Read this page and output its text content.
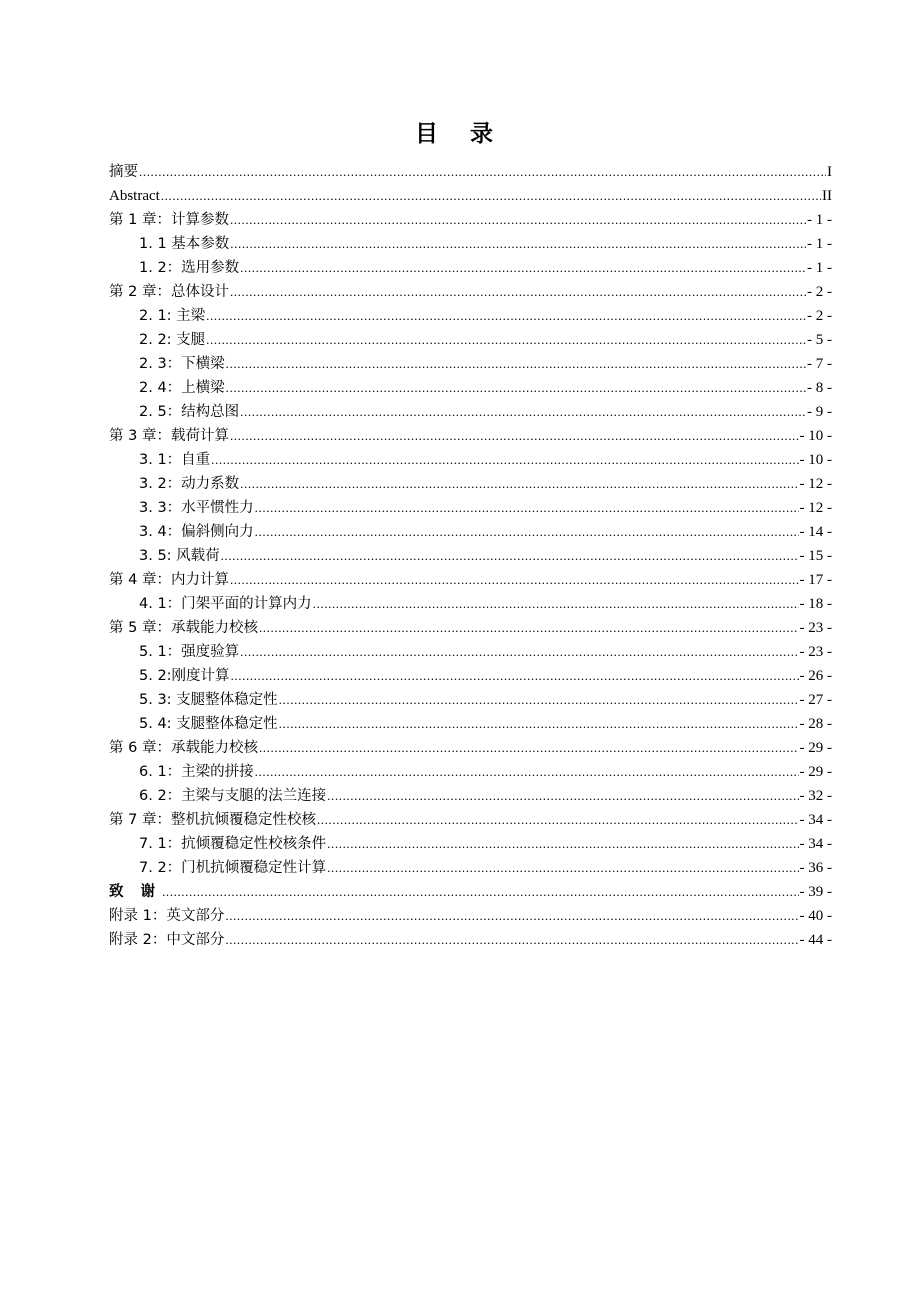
目 录
摘要 .....	I
Abstract .....	II
第 1 章：计算参数 .....	- 1 -
1. 1 基本参数 .....	- 1 -
1. 2：选用参数 .....	- 1 -
第 2 章：总体设计 .....	- 2 -
2. 1: 主梁 .....	- 2 -
2. 2: 支腿 .....	- 5 -
2. 3：下横梁 .....	- 7 -
2. 4：上横梁 .....	- 8 -
2. 5：结构总图 .....	- 9 -
第 3 章：载荷计算 .....	- 10 -
3. 1：自重 .....	- 10 -
3. 2：动力系数 .....	- 12 -
3. 3：水平惯性力 .....	- 12 -
3. 4：偏斜侧向力 .....	- 14 -
3. 5: 风载荷 .....	- 15 -
第 4 章：内力计算 .....	- 17 -
4. 1：门架平面的计算内力 .....	- 18 -
第 5 章：承载能力校核 .....	- 23 -
5. 1：强度验算 .....	- 23 -
5. 2:刚度计算 .....	- 26 -
5. 3: 支腿整体稳定性 .....	- 27 -
5. 4: 支腿整体稳定性 .....	- 28 -
第 6 章：承载能力校核 .....	- 29 -
6. 1：主梁的拼接 .....	- 29 -
6. 2：主梁与支腿的法兰连接 .....	- 32 -
第 7 章：整机抗倾覆稳定性校核 .....	- 34 -
7. 1：抗倾覆稳定性校核条件 .....	- 34 -
7. 2：门机抗倾覆稳定性计算 .....	- 36 -
致 谢 .....	- 39 -
附录 1：英文部分 .....	- 40 -
附录 2：中文部分 .....	- 44 -
